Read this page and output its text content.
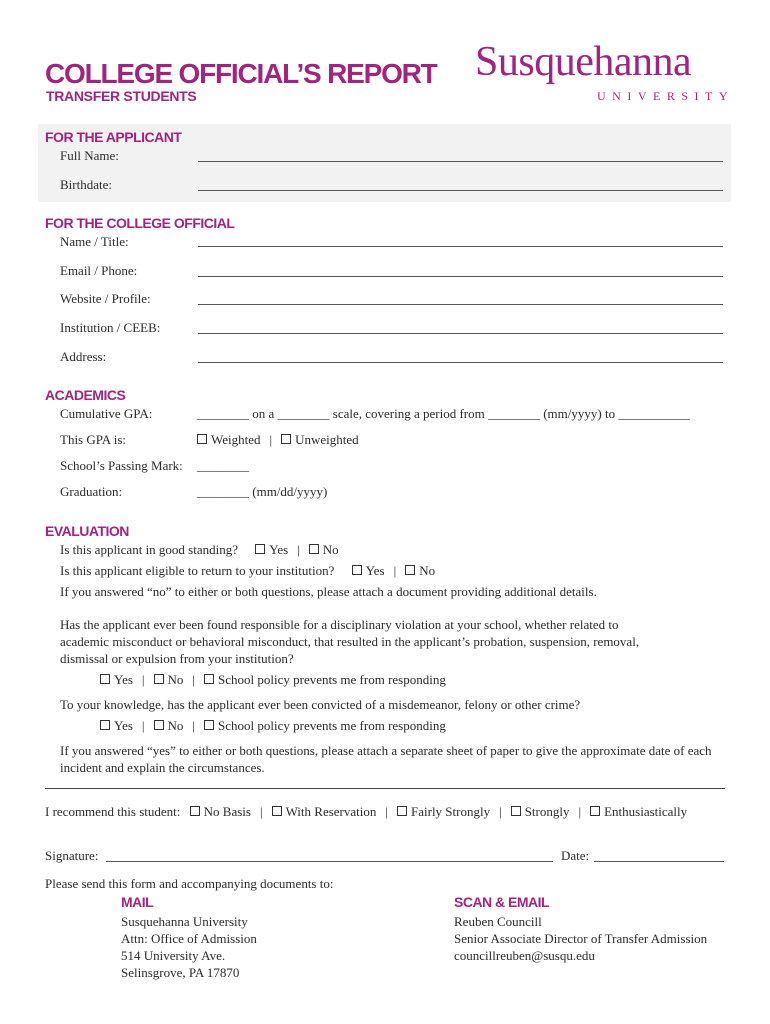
COLLEGE OFFICIAL’S REPORT
TRANSFER STUDENTS
Susquehanna
UNIVERSITY
FOR THE APPLICANT
Full Name:
Birthdate:
FOR THE COLLEGE OFFICIAL
Name / Title:
Email / Phone:
Website / Profile:
Institution / CEEB:
Address:
ACADEMICS
Cumulative GPA:	________ on a ________ scale, covering a period from ________ (mm/yyyy) to ___________
This GPA is:	Weighted | Unweighted
School’s Passing Mark: ________
Graduation:	________ (mm/dd/yyyy)
EVALUATION
Is this applicant in good standing? Yes | No
Is this applicant eligible to return to your institution? Yes | No
If you answered “no” to either or both questions, please attach a document providing additional details.
Has the applicant ever been found responsible for a disciplinary violation at your school, whether related to academic misconduct or behavioral misconduct, that resulted in the applicant’s probation, suspension, removal, dismissal or expulsion from your institution?
Yes | No | School policy prevents me from responding
To your knowledge, has the applicant ever been convicted of a misdemeanor, felony or other crime?
Yes | No | School policy prevents me from responding
If you answered “yes” to either or both questions, please attach a separate sheet of paper to give the approximate date of each incident and explain the circumstances.
I recommend this student: No Basis | With Reservation | Fairly Strongly | Strongly | Enthusiastically
Signature:	Date:
Please send this form and accompanying documents to:
MAIL
Susquehanna University
Attn: Office of Admission
514 University Ave.
Selinsgrove, PA 17870
SCAN & EMAIL
Reuben Councill
Senior Associate Director of Transfer Admission
councillreuben@susqu.edu
